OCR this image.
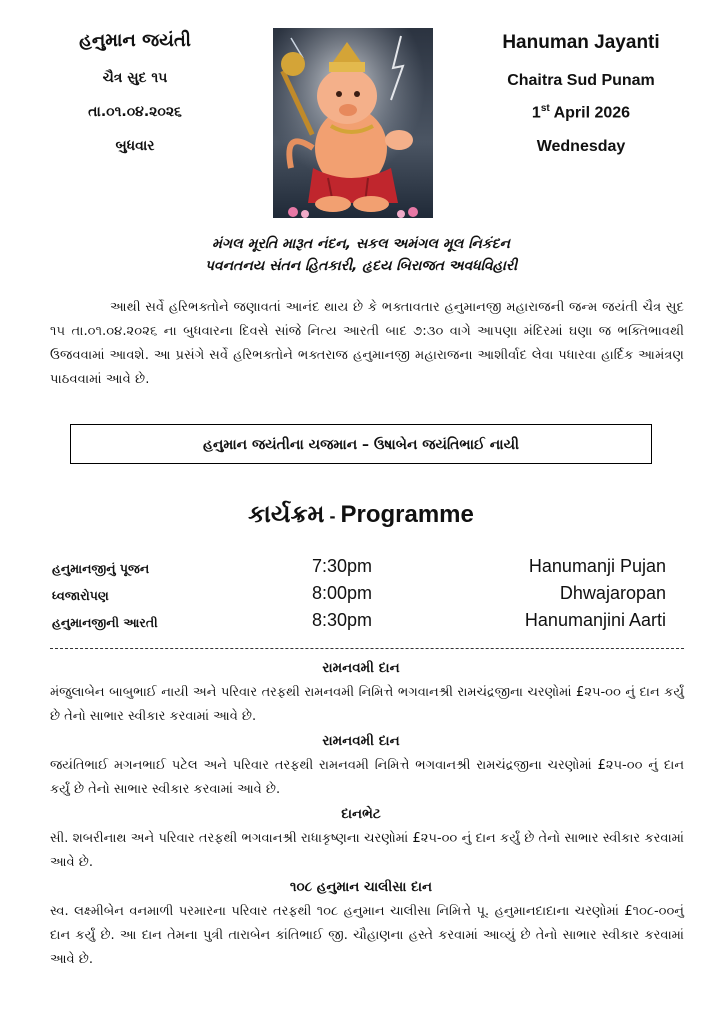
હનુમાન જયંતી
ચૈત્ર સુદ ૧૫
તા.૦૧.૦૪.૨૦૨૬
બુધવાર
Hanuman Jayanti
Chaitra Sud Punam
1st April 2026
Wednesday
મંગલ મૂરતિ મારૂત નંદન, સકલ અમંગલ મૂલ નિકંદન
પવનતનય સંતન હિતકારી, હૃદય બિરાજત અવધવિહારી
આથી સર્વે હરિભક્તોને જણાવતાં આનંદ થાય છે કે ભક્તાવતાર હનુમાનજી મહારાજની જન્મ જયંતી ચૈત્ર સુદ ૧૫ તા.૦૧.૦૪.૨૦૨૬ ના બુધવારના દિવસે સાંજે નિત્ય આરતી બાદ ૭:૩૦ વાગે આપણા મંદિરમાં ઘણા જ ભક્તિભાવથી ઉજવવામાં આવશે. આ પ્રસંગે સર્વે હરિભક્તોને ભક્તરાજ હનુમાનજી મહારાજના આશીર્વાદ લેવા પધારવા હાર્દિક આમંત્રણ પાઠવવામાં આવે છે.
હનુમાન જયંતીના યજમાન – ઉષાબેન જયંતિભાઈ નાયી
કાર્યક્રમ - Programme
હનુમાનજીનું પૂજન	7:30pm	Hanumanji Pujan
ધ્વજારોપણ	8:00pm	Dhwajaropan
હનુમાનજીની આરતી	8:30pm	Hanumanjini Aarti
રામનવમી દાન
મંજુલાબેન બાબુભાઈ નાયી અને પરિવાર તરફથી રામનવમી નિમિત્તે ભગવાનશ્રી રામચંદ્રજીના ચરણોમાં £૨૫-૦૦ નું દાન કર્યું છે તેનો સાભાર સ્વીકાર કરવામાં આવે છે.
રામનવમી દાન
જયંતિભાઈ મગનભાઈ પટેલ અને પરિવાર તરફથી રામનવમી નિમિત્તે ભગવાનશ્રી રામચંદ્રજીના ચરણોમાં £૨૫-૦૦ નું દાન કર્યું છે તેનો સાભાર સ્વીકાર કરવામાં આવે છે.
દાનભેટ
સી. શબરીનાથ અને પરિવાર તરફથી ભગવાનશ્રી રાધાકૃષ્ણના ચરણોમાં £૨૫-૦૦ નું દાન કર્યું છે તેનો સાભાર સ્વીકાર કરવામાં આવે છે.
૧૦૮ હનુમાન ચાલીસા દાન
સ્વ. લક્ષ્મીબેન વનમાળી પરમારના પરિવાર તરફથી ૧૦૮ હનુમાન ચાલીસા નિમિત્તે પૂ. હનુમાનદાદાના ચરણોમાં £૧૦૮-૦૦નું દાન કર્યું છે. આ દાન તેમના પુત્રી તારાબેન કાંતિભાઈ જી. ચૌહાણના હસ્તે કરવામાં આવ્યું છે તેનો સાભાર સ્વીકાર કરવામાં આવે છે.
